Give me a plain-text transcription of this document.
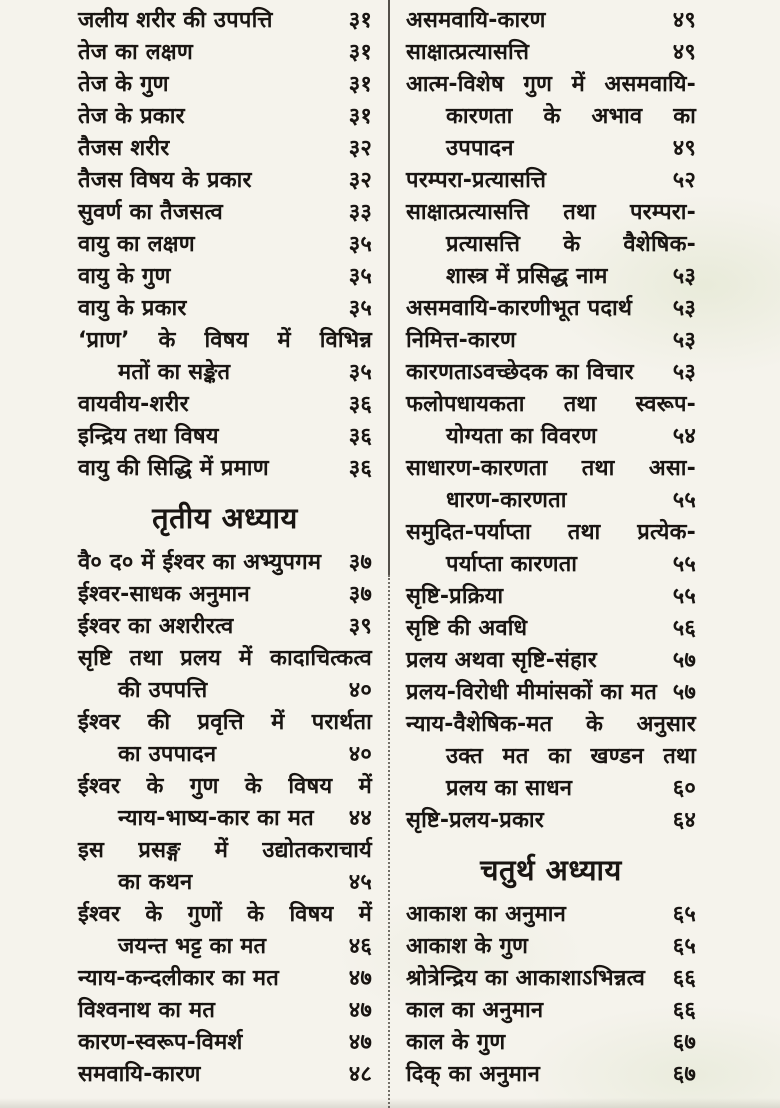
जलीय शरीर की उपपत्ति	३१
तेज का लक्षण	३१
तेज के गुण	३१
तेज के प्रकार	३१
तैजस शरीर	३२
तैजस विषय के प्रकार	३२
सुवर्ण का तैजसत्व	३३
वायु का लक्षण	३५
वायु के गुण	३५
वायु के प्रकार	३५
‘प्राण’ के विषय में विभिन्न
मतों का सङ्केत	३५
वायवीय-शरीर	३६
इन्द्रिय तथा विषय	३६
वायु की सिद्धि में प्रमाण	३६
तृतीय अध्याय
वै० द० में ईश्वर का अभ्युपगम ३७
ईश्वर-साधक अनुमान	३७
ईश्वर का अशरीरत्व	३९
सृष्टि तथा प्रलय में कादाचित्कत्व
की उपपत्ति	४०
ईश्वर की प्रवृत्ति में परार्थता
का उपपादन	४०
ईश्वर के गुण के विषय में
न्याय-भाष्य-कार का मत ४४
इस प्रसङ्ग में उद्योतकराचार्य
का कथन	४५
ईश्वर के गुणों के विषय में
जयन्त भट्ट का मत	४६
न्याय-कन्दलीकार का मत	४७
विश्वनाथ का मत	४७
कारण-स्वरूप-विमर्श	४७
समवायि-कारण	४८
असमवायि-कारण	४९
साक्षात्प्रत्यासत्ति	४९
आत्म-विशेष गुण में असमवायि-
कारणता के अभाव का
उपपादन	४९
परम्परा-प्रत्यासत्ति	५२
साक्षात्प्रत्यासत्ति तथा परम्परा-
प्रत्यासत्ति के वैशेषिक-
शास्त्र में प्रसिद्ध नाम	५३
असमवायि-कारणीभूत पदार्थ ५३
निमित्त-कारण	५३
कारणताऽवच्छेदक का विचार ५३
फलोपधायकता तथा स्वरूप-
योग्यता का विवरण	५४
साधारण-कारणता तथा असा-
धारण-कारणता	५५
समुदित-पर्याप्ता तथा प्रत्येक-
पर्याप्ता कारणता	५५
सृष्टि-प्रक्रिया	५५
सृष्टि की अवधि	५६
प्रलय अथवा सृष्टि-संहार	५७
प्रलय-विरोधी मीमांसकों का मत ५७
न्याय-वैशेषिक-मत के अनुसार
उक्त मत का खण्डन तथा
प्रलय का साधन	६०
सृष्टि-प्रलय-प्रकार	६४
चतुर्थ अध्याय
आकाश का अनुमान	६५
आकाश के गुण	६५
श्रोत्रेन्द्रिय का आकाशाऽभिन्नत्व ६६
काल का अनुमान	६६
काल के गुण	६७
दिक् का अनुमान	६७
